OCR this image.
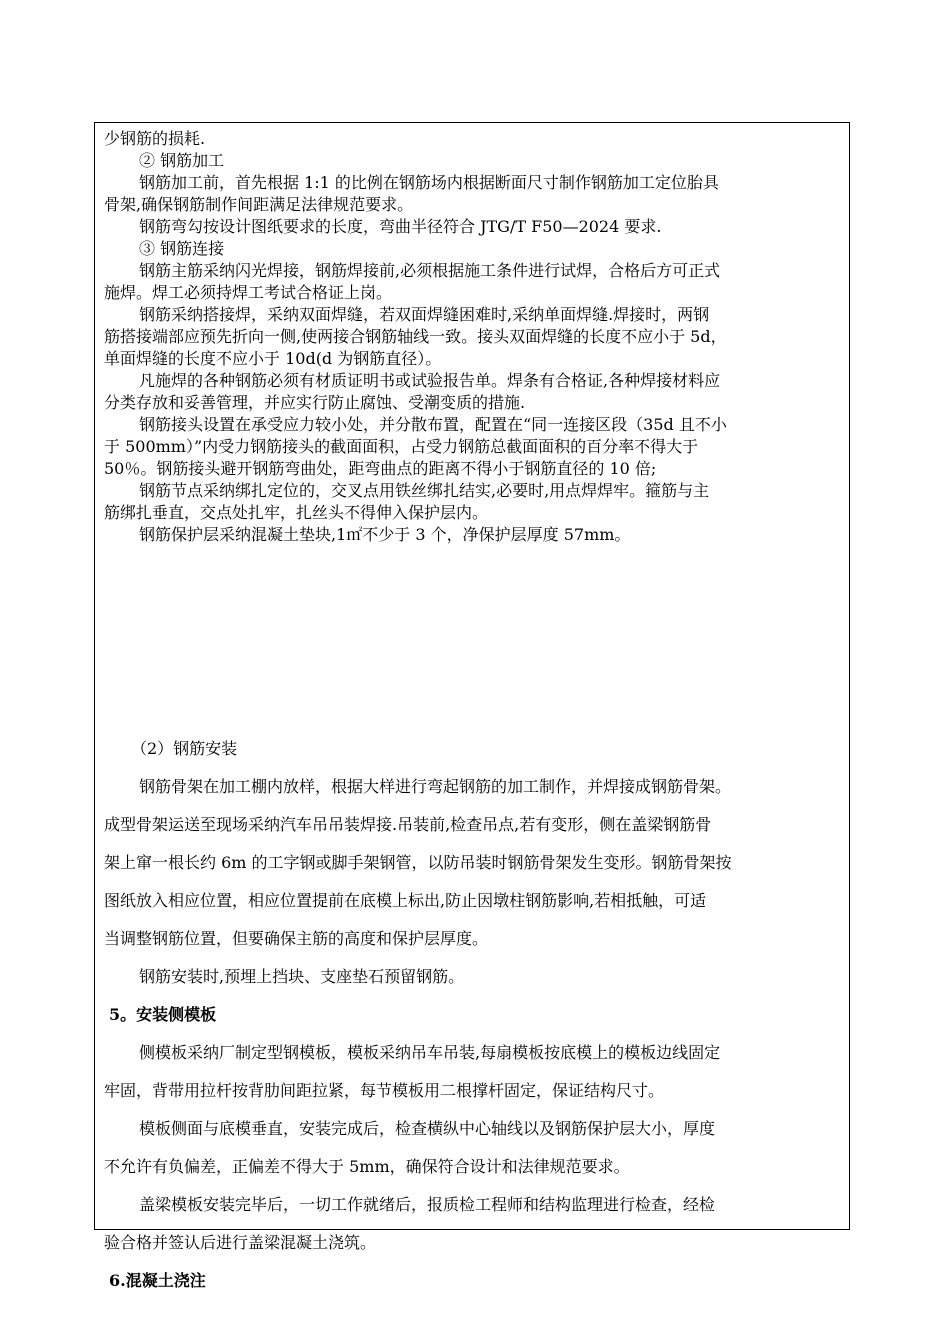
少钢筋的损耗.

② 钢筋加工

钢筋加工前，首先根据 1:1 的比例在钢筋场内根据断面尺寸制作钢筋加工定位胎具

骨架,确保钢筋制作间距满足法律规范要求。

钢筋弯勾按设计图纸要求的长度，弯曲半径符合 JTG/T F50—2024 要求.

③ 钢筋连接

钢筋主筋采纳闪光焊接，钢筋焊接前,必须根据施工条件进行试焊，合格后方可正式

施焊。焊工必须持焊工考试合格证上岗。

钢筋采纳搭接焊，采纳双面焊缝，若双面焊缝困难时,采纳单面焊缝.焊接时，两钢

筋搭接端部应预先折向一侧,使两接合钢筋轴线一致。接头双面焊缝的长度不应小于 5d，

单面焊缝的长度不应小于 10d(d 为钢筋直径）。

凡施焊的各种钢筋必须有材质证明书或试验报告单。焊条有合格证,各种焊接材料应

分类存放和妥善管理，并应实行防止腐蚀、受潮变质的措施.

钢筋接头设置在承受应力较小处，并分散布置，配置在“同一连接区段（35d 且不小

于 500mm）”内受力钢筋接头的截面面积，占受力钢筋总截面面积的百分率不得大于

50％。钢筋接头避开钢筋弯曲处，距弯曲点的距离不得小于钢筋直径的 10 倍;

钢筋节点采纳绑扎定位的，交叉点用铁丝绑扎结实,必要时,用点焊焊牢。箍筋与主

筋绑扎垂直，交点处扎牢，扎丝头不得伸入保护层内。

钢筋保护层采纳混凝土垫块,1㎡不少于 3 个，净保护层厚度 57mm。

（2）钢筋安装

钢筋骨架在加工棚内放样，根据大样进行弯起钢筋的加工制作，并焊接成钢筋骨架。

成型骨架运送至现场采纳汽车吊吊装焊接.吊装前,检查吊点,若有变形，侧在盖梁钢筋骨

架上窜一根长约 6m 的工字钢或脚手架钢管，以防吊装时钢筋骨架发生变形。钢筋骨架按

图纸放入相应位置，相应位置提前在底模上标出,防止因墩柱钢筋影响,若相抵触，可适

当调整钢筋位置，但要确保主筋的高度和保护层厚度。

钢筋安装时,预埋上挡块、支座垫石预留钢筋。

5。安装侧模板

侧模板采纳厂制定型钢模板，模板采纳吊车吊装,每扇模板按底模上的模板边线固定

牢固，背带用拉杆按背肋间距拉紧，每节模板用二根撑杆固定，保证结构尺寸。

模板侧面与底模垂直，安装完成后，检查横纵中心轴线以及钢筋保护层大小，厚度

不允许有负偏差，正偏差不得大于 5mm，确保符合设计和法律规范要求。

盖梁模板安装完毕后，一切工作就绪后，报质检工程师和结构监理进行检查，经检

验合格并签认后进行盖梁混凝土浇筑。

6.混凝土浇注
